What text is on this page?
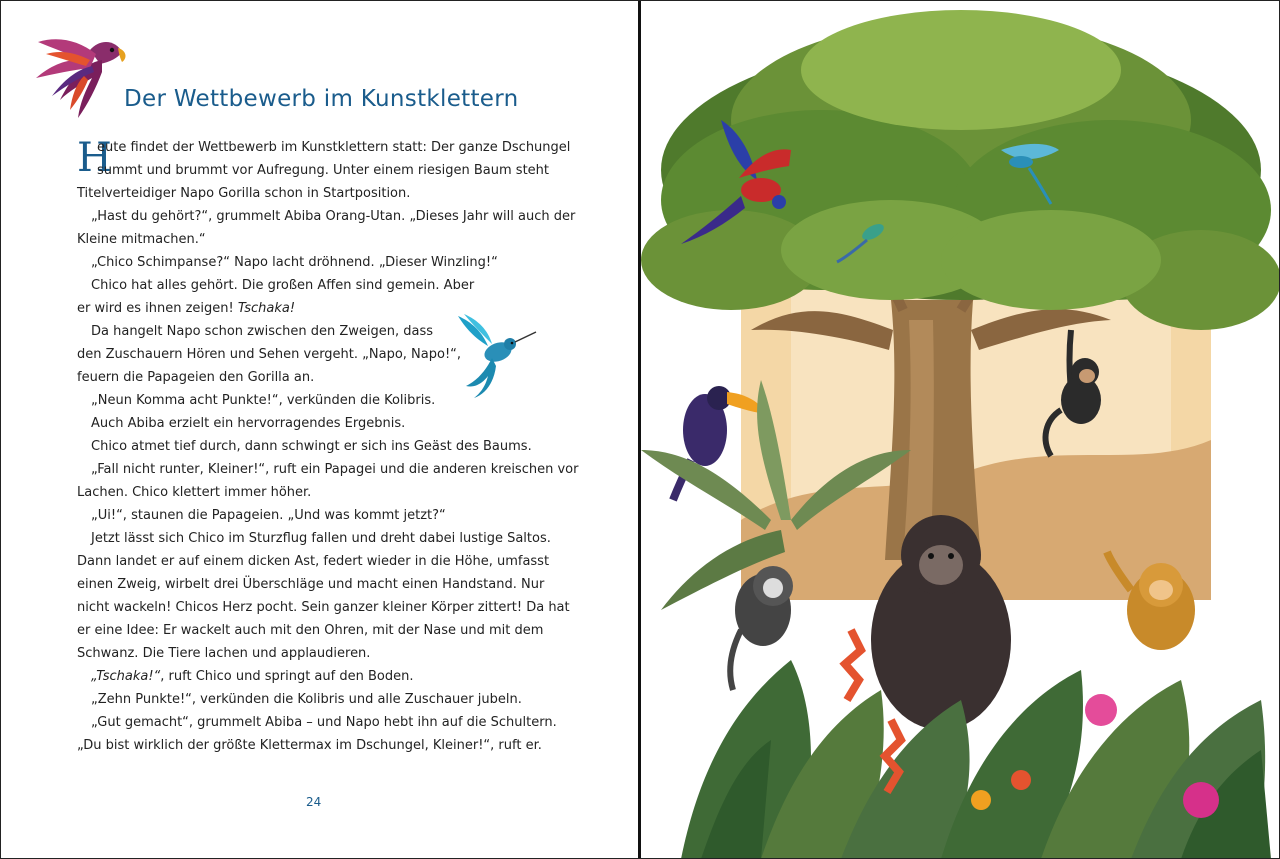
Der Wettbewerb im Kunstklettern
H
eute findet der Wettbewerb im Kunstklettern statt: Der ganze Dschungel
summt und brummt vor Aufregung. Unter einem riesigen Baum steht
Titelverteidiger Napo Gorilla schon in Startposition.
„Hast du gehört?“, grummelt Abiba Orang-Utan. „Dieses Jahr will auch der
Kleine mitmachen.“
„Chico Schimpanse?“ Napo lacht dröhnend. „Dieser Winzling!“
Chico hat alles gehört. Die großen Affen sind gemein. Aber
er wird es ihnen zeigen! Tschaka!
Da hangelt Napo schon zwischen den Zweigen, dass
den Zuschauern Hören und Sehen vergeht. „Napo, Napo!“,
feuern die Papageien den Gorilla an.
„Neun Komma acht Punkte!“, verkünden die Kolibris.
Auch Abiba erzielt ein hervorragendes Ergebnis.
Chico atmet tief durch, dann schwingt er sich ins Geäst des Baums.
„Fall nicht runter, Kleiner!“, ruft ein Papagei und die anderen kreischen vor
Lachen. Chico klettert immer höher.
„Ui!“, staunen die Papageien. „Und was kommt jetzt?“
Jetzt lässt sich Chico im Sturzflug fallen und dreht dabei lustige Saltos.
Dann landet er auf einem dicken Ast, federt wieder in die Höhe, umfasst
einen Zweig, wirbelt drei Überschläge und macht einen Handstand. Nur
nicht wackeln! Chicos Herz pocht. Sein ganzer kleiner Körper zittert! Da hat
er eine Idee: Er wackelt auch mit den Ohren, mit der Nase und mit dem
Schwanz. Die Tiere lachen und applaudieren.
„Tschaka!“, ruft Chico und springt auf den Boden.
„Zehn Punkte!“, verkünden die Kolibris und alle Zuschauer jubeln.
„Gut gemacht“, grummelt Abiba – und Napo hebt ihn auf die Schultern.
„Du bist wirklich der größte Klettermax im Dschungel, Kleiner!“, ruft er.
24
